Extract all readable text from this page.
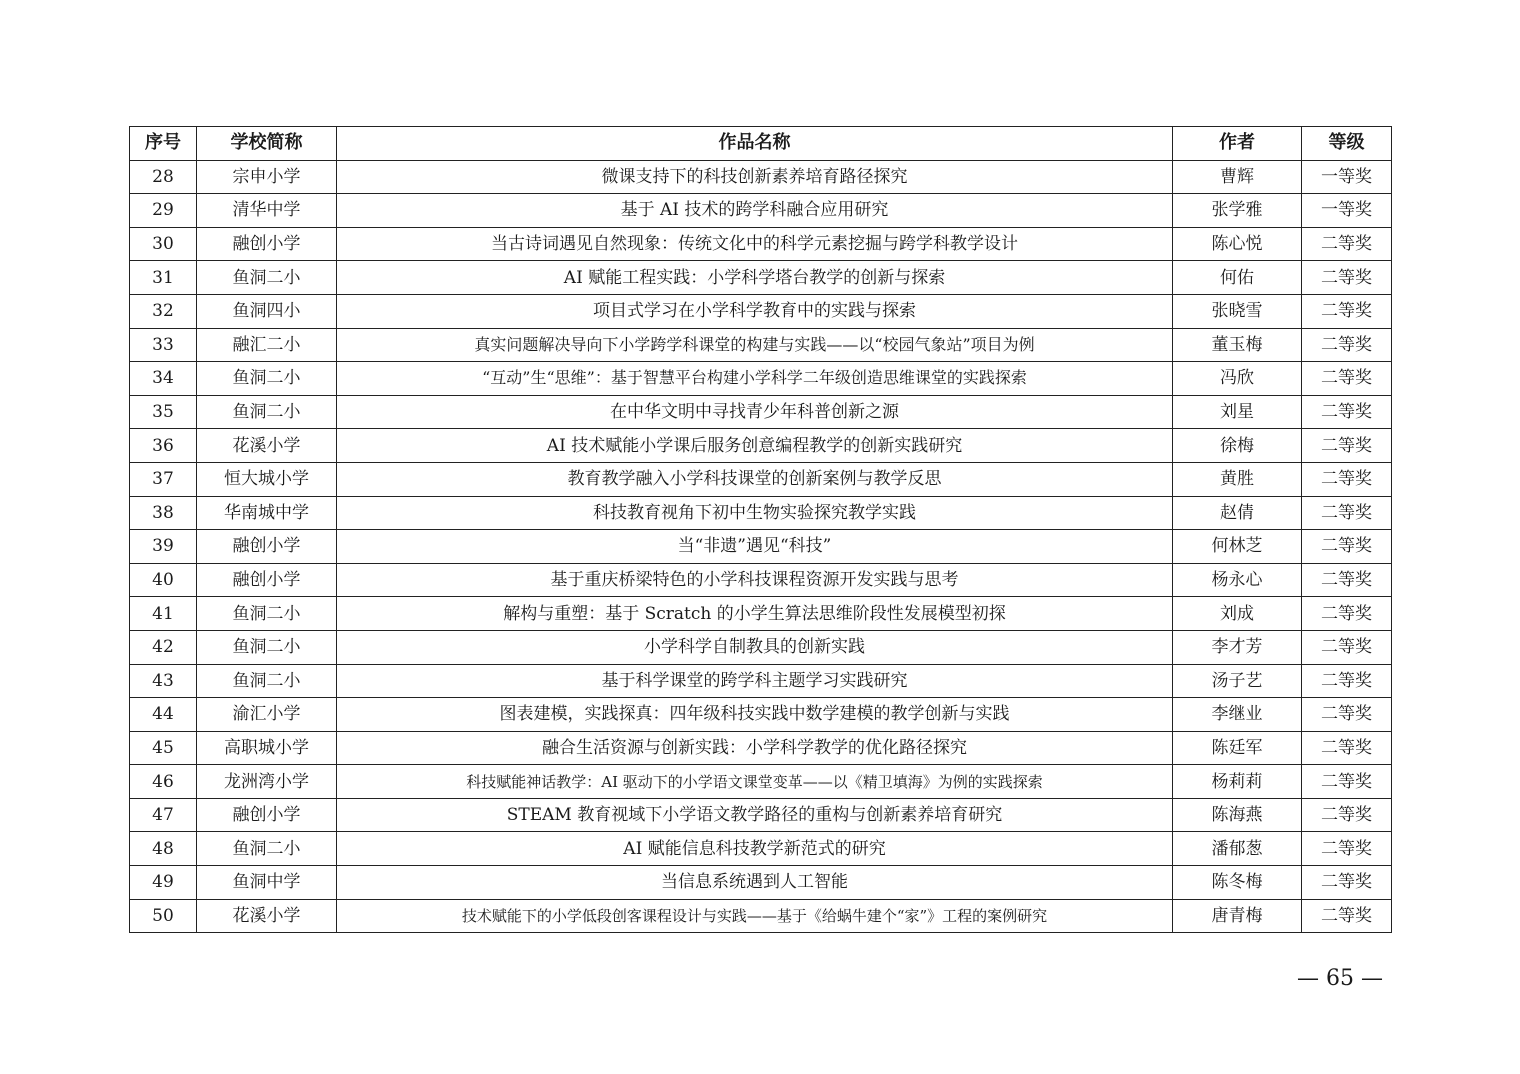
序号	学校简称	作品名称	作者	等级
28	宗申小学	微课支持下的科技创新素养培育路径探究	曹辉	一等奖
29	清华中学	基于 AI 技术的跨学科融合应用研究	张学雅	一等奖
30	融创小学	当古诗词遇见自然现象：传统文化中的科学元素挖掘与跨学科教学设计	陈心悦	二等奖
31	鱼洞二小	AI 赋能工程实践：小学科学塔台教学的创新与探索	何佑	二等奖
32	鱼洞四小	项目式学习在小学科学教育中的实践与探索	张晓雪	二等奖
33	融汇二小	真实问题解决导向下小学跨学科课堂的构建与实践——以“校园气象站”项目为例	董玉梅	二等奖
34	鱼洞二小	“互动”生“思维”：基于智慧平台构建小学科学二年级创造思维课堂的实践探索	冯欣	二等奖
35	鱼洞二小	在中华文明中寻找青少年科普创新之源	刘星	二等奖
36	花溪小学	AI 技术赋能小学课后服务创意编程教学的创新实践研究	徐梅	二等奖
37	恒大城小学	教育教学融入小学科技课堂的创新案例与教学反思	黄胜	二等奖
38	华南城中学	科技教育视角下初中生物实验探究教学实践	赵倩	二等奖
39	融创小学	当“非遗”遇见“科技”	何林芝	二等奖
40	融创小学	基于重庆桥梁特色的小学科技课程资源开发实践与思考	杨永心	二等奖
41	鱼洞二小	解构与重塑：基于 Scratch 的小学生算法思维阶段性发展模型初探	刘成	二等奖
42	鱼洞二小	小学科学自制教具的创新实践	李才芳	二等奖
43	鱼洞二小	基于科学课堂的跨学科主题学习实践研究	汤子艺	二等奖
44	渝汇小学	图表建模，实践探真：四年级科技实践中数学建模的教学创新与实践	李继业	二等奖
45	高职城小学	融合生活资源与创新实践：小学科学教学的优化路径探究	陈廷军	二等奖
46	龙洲湾小学	科技赋能神话教学：AI 驱动下的小学语文课堂变革——以《精卫填海》为例的实践探索	杨莉莉	二等奖
47	融创小学	STEAM 教育视域下小学语文教学路径的重构与创新素养培育研究	陈海燕	二等奖
48	鱼洞二小	AI 赋能信息科技教学新范式的研究	潘郁葱	二等奖
49	鱼洞中学	当信息系统遇到人工智能	陈冬梅	二等奖
50	花溪小学	技术赋能下的小学低段创客课程设计与实践——基于《给蜗牛建个“家”》工程的案例研究	唐青梅	二等奖
— 65 —
